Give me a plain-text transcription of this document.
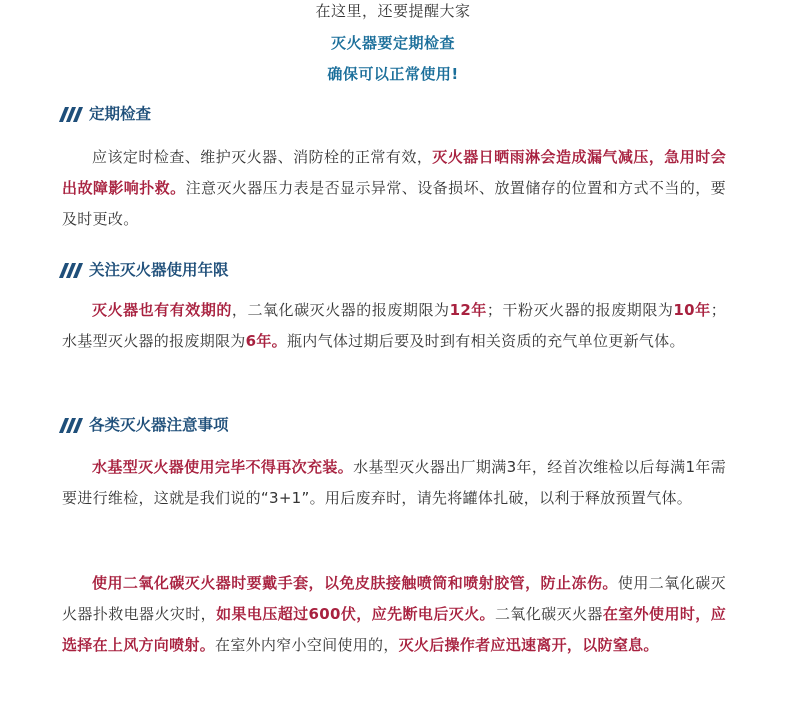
在这里，还要提醒大家
灭火器要定期检查
确保可以正常使用!
定期检查

应该定时检查、维护灭火器、消防栓的正常有效，灭火器日晒雨淋会造成漏气减压，急用时会出故障影响扑救。注意灭火器压力表是否显示异常、设备损坏、放置储存的位置和方式不当的，要及时更改。

关注灭火器使用年限

灭火器也有有效期的，二氧化碳灭火器的报废期限为12年；干粉灭火器的报废期限为10年；水基型灭火器的报废期限为6年。瓶内气体过期后要及时到有相关资质的充气单位更新气体。

各类灭火器注意事项

水基型灭火器使用完毕不得再次充装。水基型灭火器出厂期满3年，经首次维检以后每满1年需要进行维检，这就是我们说的“3+1”。用后废弃时，请先将罐体扎破，以利于释放预置气体。

使用二氧化碳灭火器时要戴手套，以免皮肤接触喷筒和喷射胶管，防止冻伤。使用二氧化碳灭火器扑救电器火灾时，如果电压超过600伏，应先断电后灭火。二氧化碳灭火器在室外使用时，应选择在上风方向喷射。在室外内窄小空间使用的，灭火后操作者应迅速离开，以防窒息。
